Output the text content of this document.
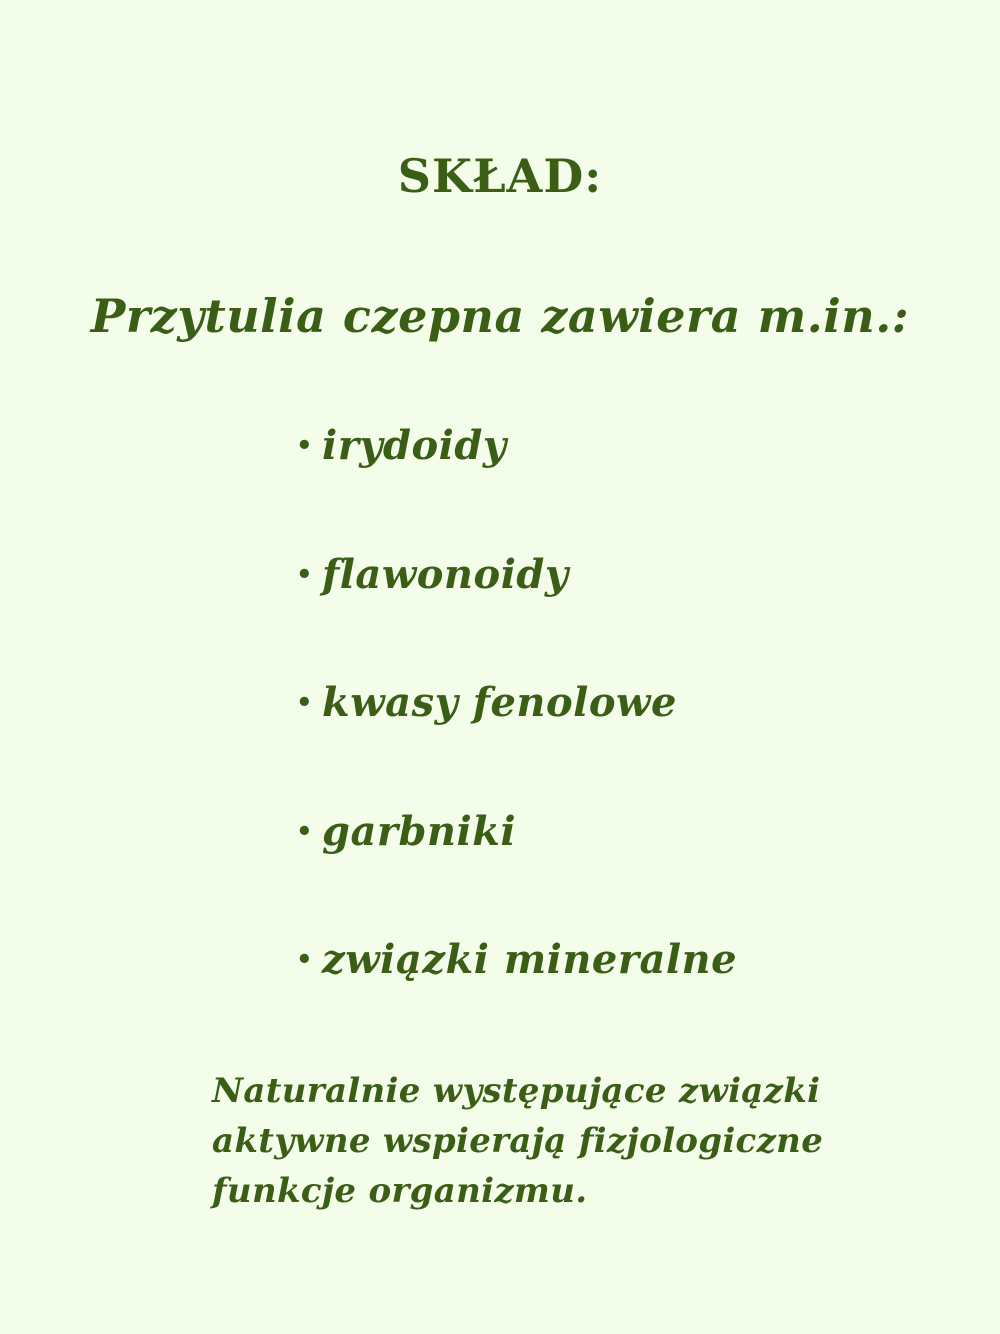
SKŁAD:
Przytulia czepna zawiera m.in.:
• irydoidy
• flawonoidy
• kwasy fenolowe
• garbniki
• związki mineralne
Naturalnie występujące związki
aktywne wspierają fizjologiczne
funkcje organizmu.
